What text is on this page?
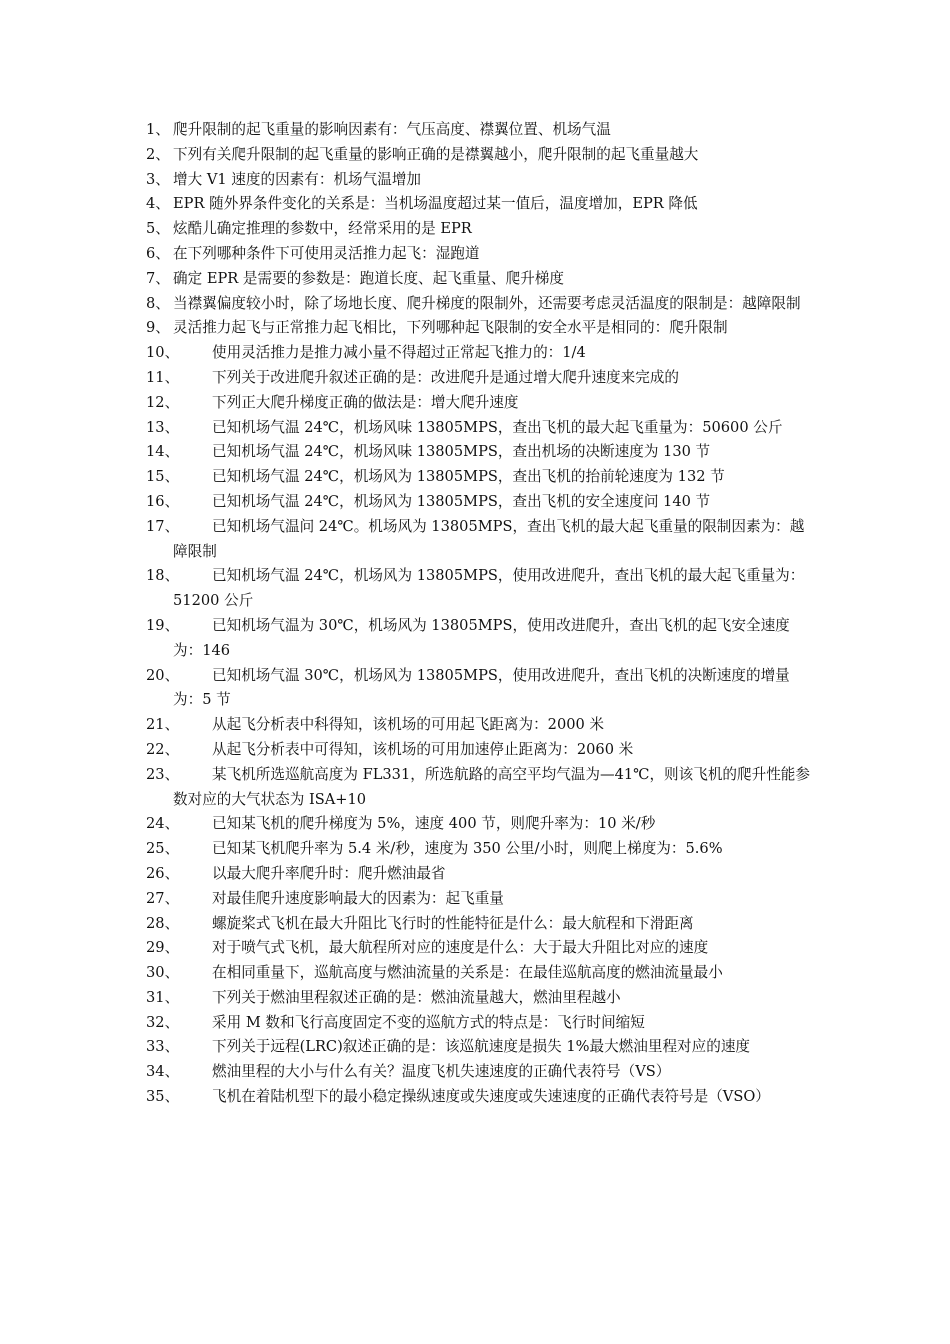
1、 爬升限制的起飞重量的影响因素有：气压高度、襟翼位置、机场气温
2、 下列有关爬升限制的起飞重量的影响正确的是襟翼越小，爬升限制的起飞重量越大
3、 增大 V1 速度的因素有：机场气温增加
4、 EPR 随外界条件变化的关系是：当机场温度超过某一值后，温度增加，EPR 降低
5、 炫酷儿确定推理的参数中，经常采用的是 EPR
6、 在下列哪种条件下可使用灵活推力起飞：湿跑道
7、 确定 EPR 是需要的参数是：跑道长度、起飞重量、爬升梯度
8、 当襟翼偏度较小时，除了场地长度、爬升梯度的限制外，还需要考虑灵活温度的限制是：越障限制
9、 灵活推力起飞与正常推力起飞相比，下列哪种起飞限制的安全水平是相同的：爬升限制
10、 使用灵活推力是推力减小量不得超过正常起飞推力的：1/4
11、 下列关于改进爬升叙述正确的是：改进爬升是通过增大爬升速度来完成的
12、 下列正大爬升梯度正确的做法是：增大爬升速度
13、 已知机场气温 24℃，机场风味 13805MPS，查出飞机的最大起飞重量为：50600 公斤
14、 已知机场气温 24℃，机场风味 13805MPS，查出机场的决断速度为 130 节
15、 已知机场气温 24℃，机场风为 13805MPS，查出飞机的抬前轮速度为 132 节
16、 已知机场气温 24℃，机场风为 13805MPS，查出飞机的安全速度问 140 节
17、 已知机场气温问 24℃。机场风为 13805MPS，查出飞机的最大起飞重量的限制因素为：越障限制
18、 已知机场气温 24℃，机场风为 13805MPS，使用改进爬升，查出飞机的最大起飞重量为：51200 公斤
19、 已知机场气温为 30℃，机场风为 13805MPS，使用改进爬升，查出飞机的起飞安全速度为：146
20、 已知机场气温 30℃，机场风为 13805MPS，使用改进爬升，查出飞机的决断速度的增量为：5 节
21、 从起飞分析表中科得知，该机场的可用起飞距离为：2000 米
22、 从起飞分析表中可得知，该机场的可用加速停止距离为：2060 米
23、 某飞机所选巡航高度为 FL331，所选航路的高空平均气温为—41℃，则该飞机的爬升性能参数对应的大气状态为 ISA+10
24、 已知某飞机的爬升梯度为 5%，速度 400 节，则爬升率为：10 米/秒
25、 已知某飞机爬升率为 5.4 米/秒，速度为 350 公里/小时，则爬上梯度为：5.6%
26、 以最大爬升率爬升时：爬升燃油最省
27、 对最佳爬升速度影响最大的因素为：起飞重量
28、 螺旋桨式飞机在最大升阻比飞行时的性能特征是什么：最大航程和下滑距离
29、 对于喷气式飞机，最大航程所对应的速度是什么：大于最大升阻比对应的速度
30、 在相同重量下，巡航高度与燃油流量的关系是：在最佳巡航高度的燃油流量最小
31、 下列关于燃油里程叙述正确的是：燃油流量越大，燃油里程越小
32、 采用 M 数和飞行高度固定不变的巡航方式的特点是：飞行时间缩短
33、 下列关于远程(LRC)叙述正确的是：该巡航速度是损失 1%最大燃油里程对应的速度
34、 燃油里程的大小与什么有关？温度飞机失速速度的正确代表符号（VS）
35、 飞机在着陆机型下的最小稳定操纵速度或失速度或失速速度的正确代表符号是（VSO）
